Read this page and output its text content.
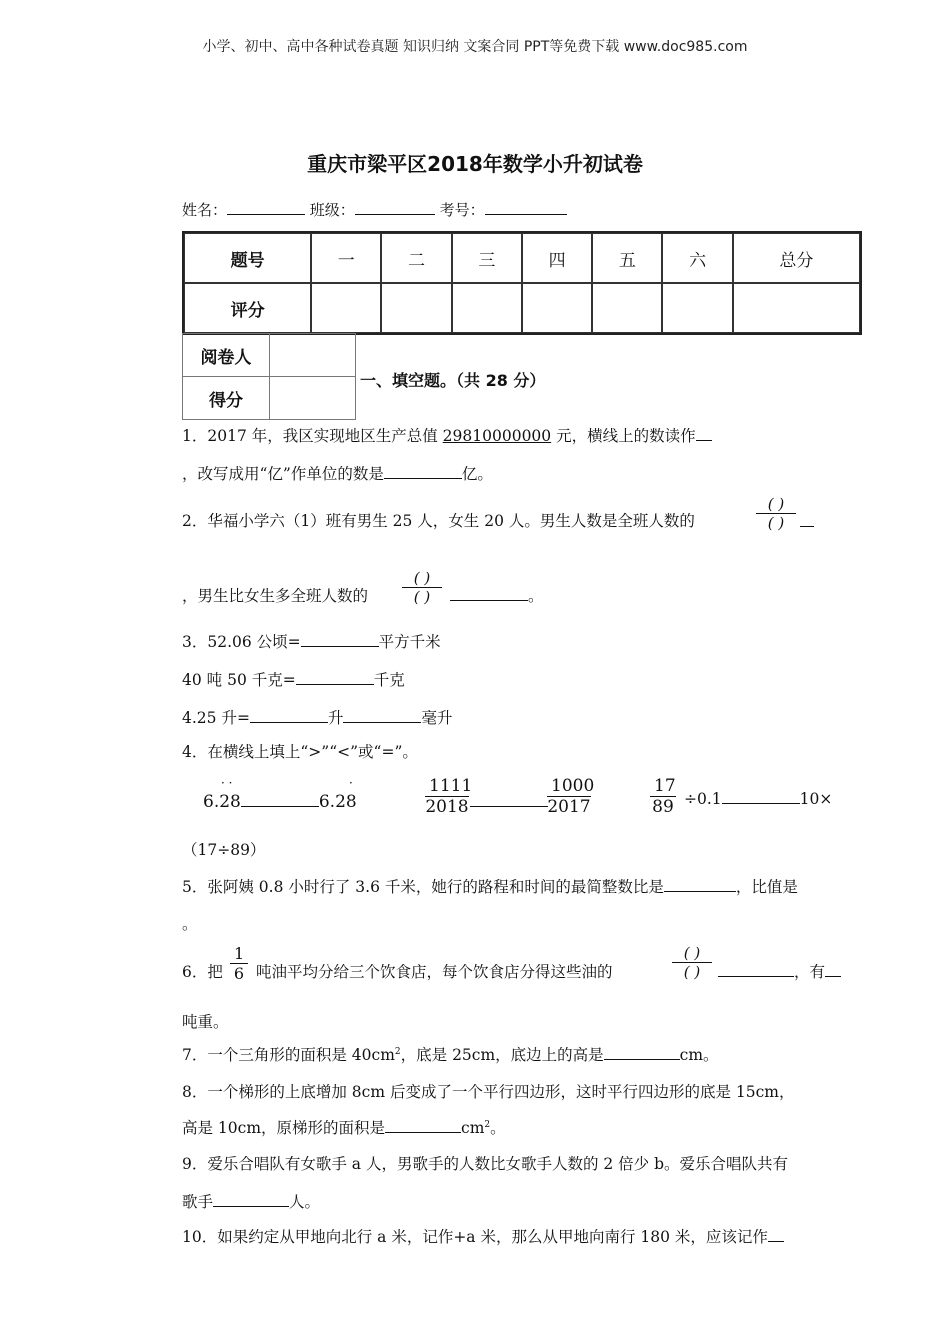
小学、初中、高中各种试卷真题 知识归纳 文案合同 PPT等免费下载 www.doc985.com
重庆市梁平区2018年数学小升初试卷
姓名：	班级：	考号：
题号	一	二	三	四	五	六	总分
评分							
阅卷人	
得分	
一、填空题。（共 28 分）
1．2017 年，我区实现地区生产总值 29810000000 元，横线上的数读作
，改写成用“亿”作单位的数是	亿。
2．华福小学六（1）班有男生 25 人，女生 20 人。男生人数是全班人数的
( )
( )
，男生比女生多全班人数的
( )
( )	。
3．52.06 公顷=	平方千米
40 吨 50 千克=	千克
4.25 升=	升	毫升
4．在横线上填上“>”“<”或“=”。
· ·	·
6.28	6.28	$\frac{1111}{2018}$	$\frac{1000}{2017}$	$\frac{17}{89} \div 0.1$	10×
（17÷89）
5．张阿姨 0.8 小时行了 3.6 千米，她行的路程和时间的最简整数比是	，比值是
。
6．把 $\frac{1}{6}$ 吨油平均分给三个饮食店，每个饮食店分得这些油的
( )
( )	，有
吨重。
7．一个三角形的面积是 $40cm^2$，底是 25cm，底边上的高是	cm。
8．一个梯形的上底增加 8cm 后变成了一个平行四边形，这时平行四边形的底是 15cm，
高是 10cm，原梯形的面积是	$cm^2$。
9．爱乐合唱队有女歌手 a 人，男歌手的人数比女歌手人数的 2 倍少 b。爱乐合唱队共有
歌手	人。
10．如果约定从甲地向北行 a 米，记作+a 米，那么从甲地向南行 180 米，应该记作
